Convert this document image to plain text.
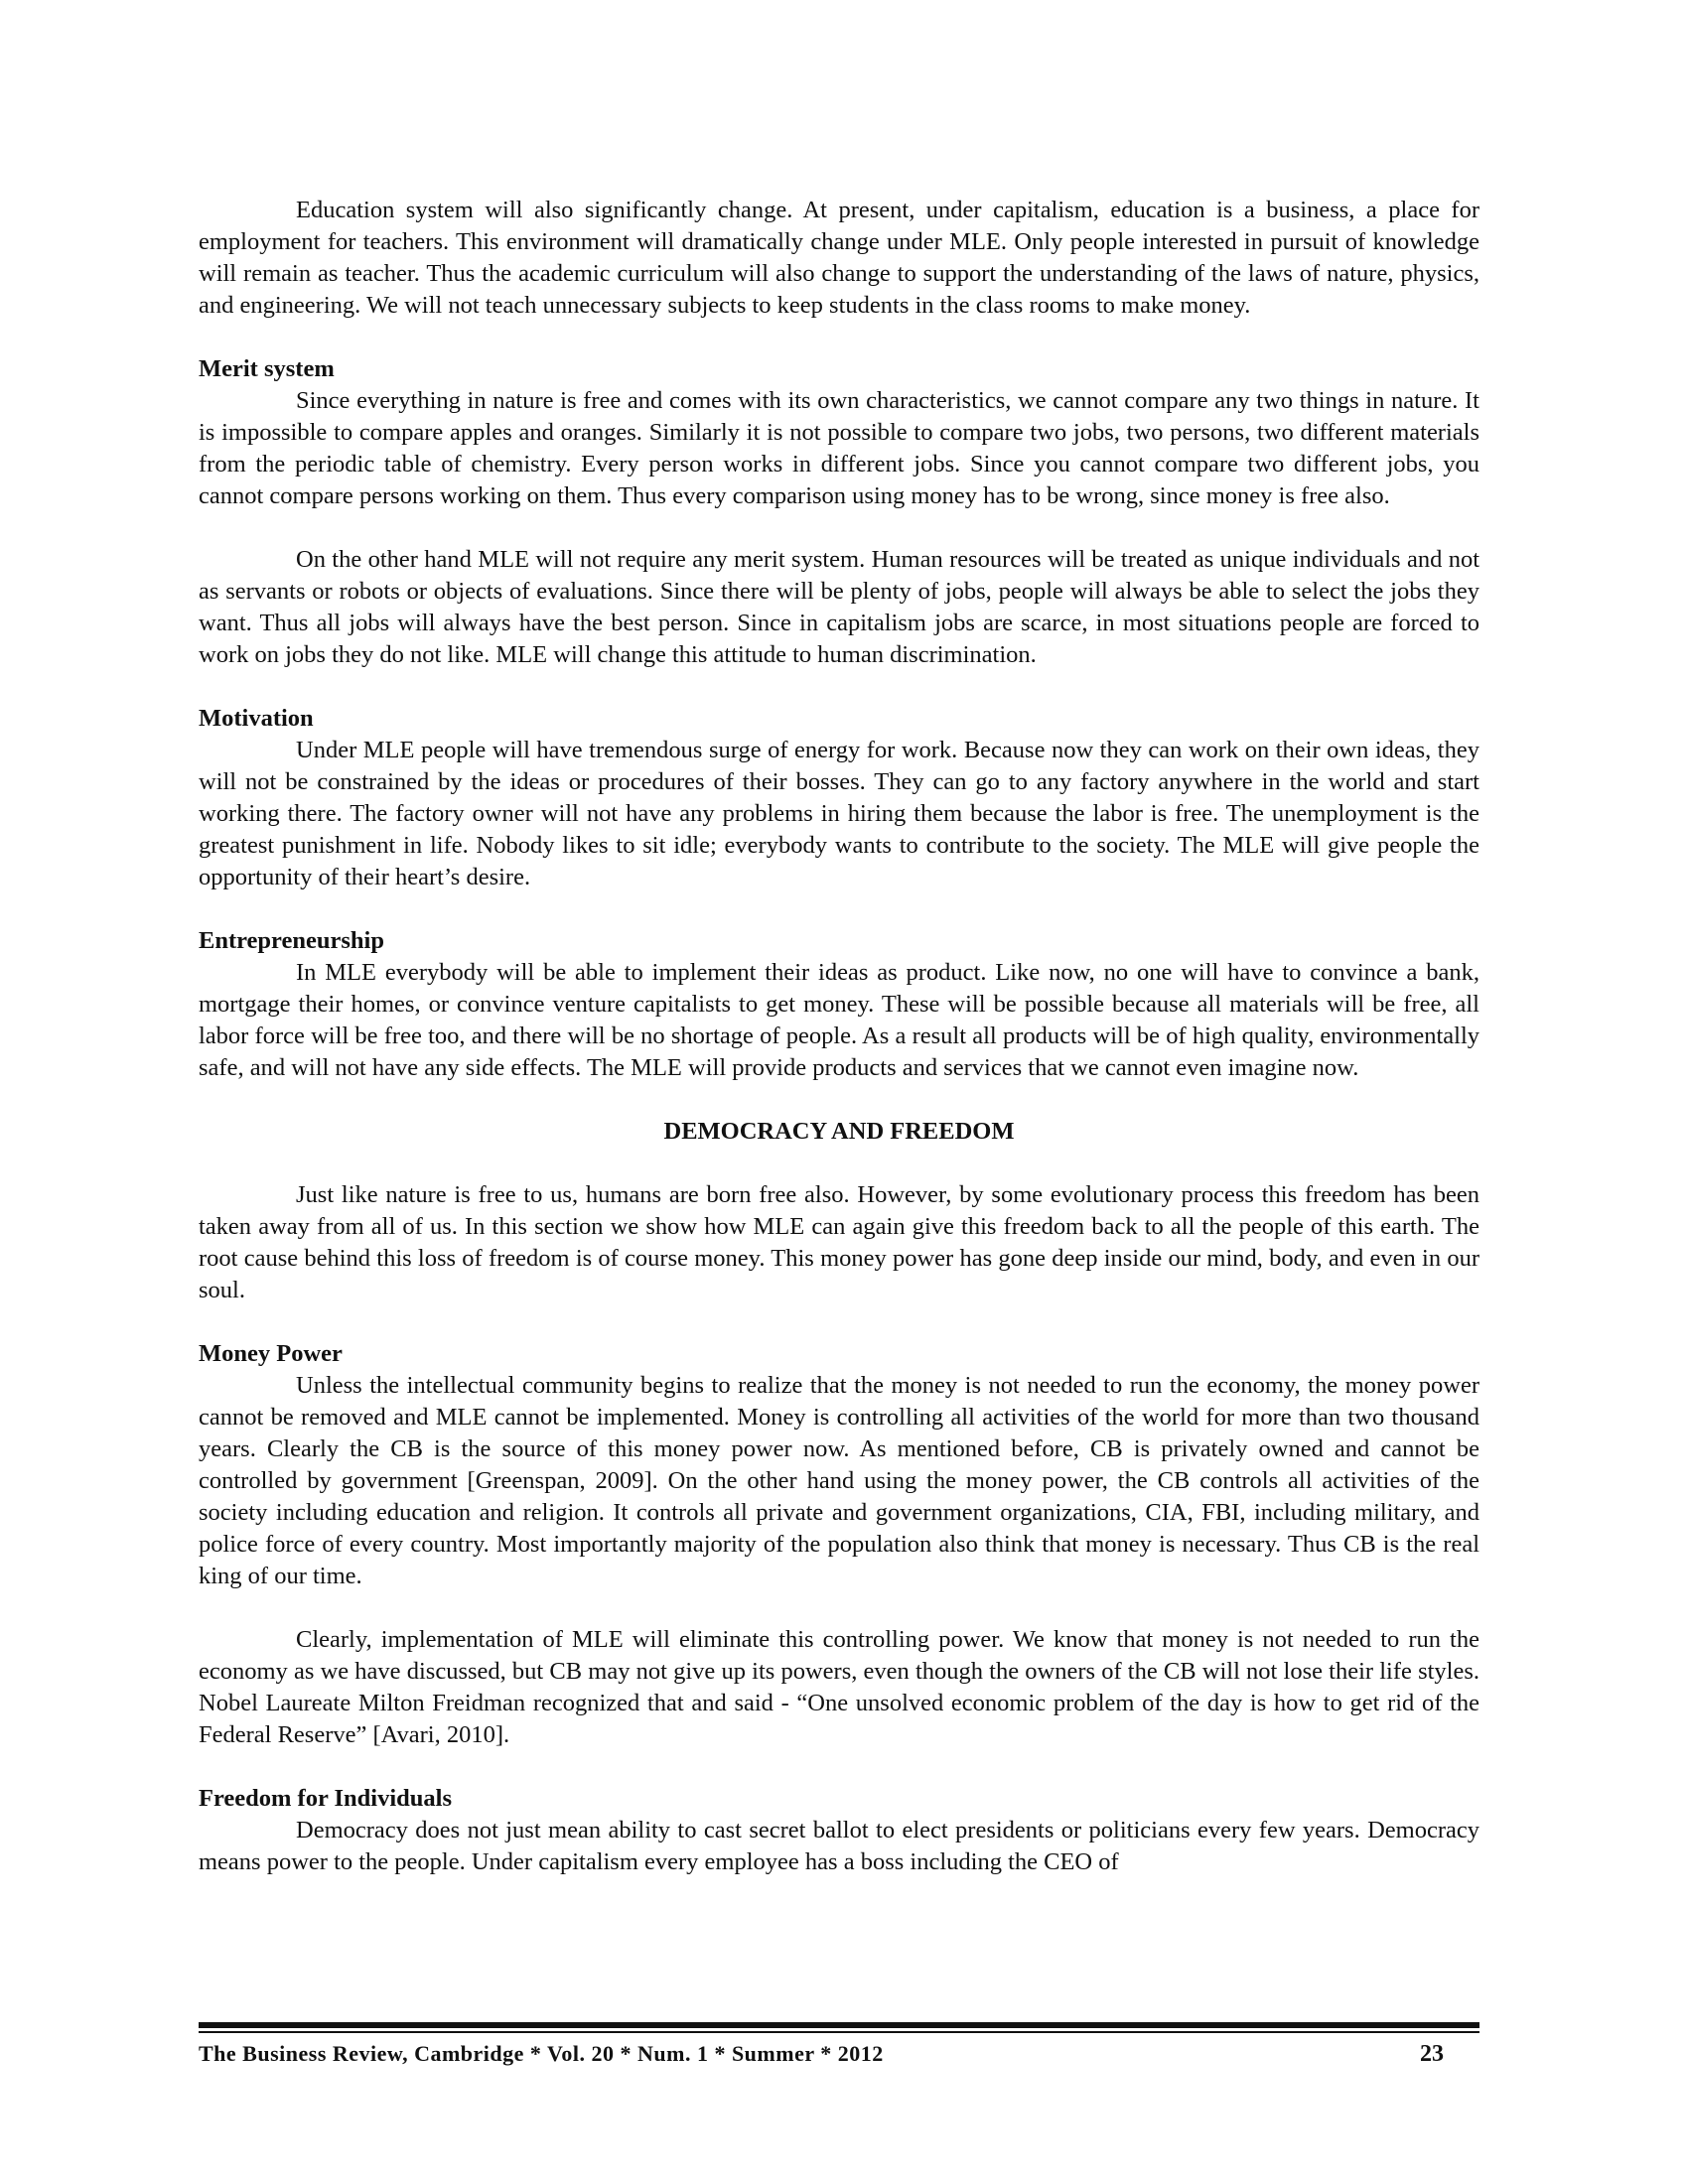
Education system will also significantly change. At present, under capitalism, education is a business, a place for employment for teachers. This environment will dramatically change under MLE. Only people interested in pursuit of knowledge will remain as teacher. Thus the academic curriculum will also change to support the understanding of the laws of nature, physics, and engineering. We will not teach unnecessary subjects to keep students in the class rooms to make money.

Merit system

Since everything in nature is free and comes with its own characteristics, we cannot compare any two things in nature. It is impossible to compare apples and oranges. Similarly it is not possible to compare two jobs, two persons, two different materials from the periodic table of chemistry. Every person works in different jobs. Since you cannot compare two different jobs, you cannot compare persons working on them. Thus every comparison using money has to be wrong, since money is free also.

On the other hand MLE will not require any merit system. Human resources will be treated as unique individuals and not as servants or robots or objects of evaluations. Since there will be plenty of jobs, people will always be able to select the jobs they want. Thus all jobs will always have the best person. Since in capitalism jobs are scarce, in most situations people are forced to work on jobs they do not like. MLE will change this attitude to human discrimination.

Motivation

Under MLE people will have tremendous surge of energy for work. Because now they can work on their own ideas, they will not be constrained by the ideas or procedures of their bosses. They can go to any factory anywhere in the world and start working there. The factory owner will not have any problems in hiring them because the labor is free. The unemployment is the greatest punishment in life. Nobody likes to sit idle; everybody wants to contribute to the society. The MLE will give people the opportunity of their heart’s desire.

Entrepreneurship

In MLE everybody will be able to implement their ideas as product. Like now, no one will have to convince a bank, mortgage their homes, or convince venture capitalists to get money. These will be possible because all materials will be free, all labor force will be free too, and there will be no shortage of people. As a result all products will be of high quality, environmentally safe, and will not have any side effects. The MLE will provide products and services that we cannot even imagine now.

DEMOCRACY AND FREEDOM

Just like nature is free to us, humans are born free also. However, by some evolutionary process this freedom has been taken away from all of us. In this section we show how MLE can again give this freedom back to all the people of this earth. The root cause behind this loss of freedom is of course money. This money power has gone deep inside our mind, body, and even in our soul.

Money Power

Unless the intellectual community begins to realize that the money is not needed to run the economy, the money power cannot be removed and MLE cannot be implemented. Money is controlling all activities of the world for more than two thousand years. Clearly the CB is the source of this money power now. As mentioned before, CB is privately owned and cannot be controlled by government [Greenspan, 2009]. On the other hand using the money power, the CB controls all activities of the society including education and religion. It controls all private and government organizations, CIA, FBI, including military, and police force of every country. Most importantly majority of the population also think that money is necessary. Thus CB is the real king of our time.

Clearly, implementation of MLE will eliminate this controlling power. We know that money is not needed to run the economy as we have discussed, but CB may not give up its powers, even though the owners of the CB will not lose their life styles. Nobel Laureate Milton Freidman recognized that and said - “One unsolved economic problem of the day is how to get rid of the Federal Reserve” [Avari, 2010].

Freedom for Individuals

Democracy does not just mean ability to cast secret ballot to elect presidents or politicians every few years. Democracy means power to the people. Under capitalism every employee has a boss including the CEO of

The Business Review, Cambridge * Vol. 20 * Num. 1 * Summer * 2012	23
